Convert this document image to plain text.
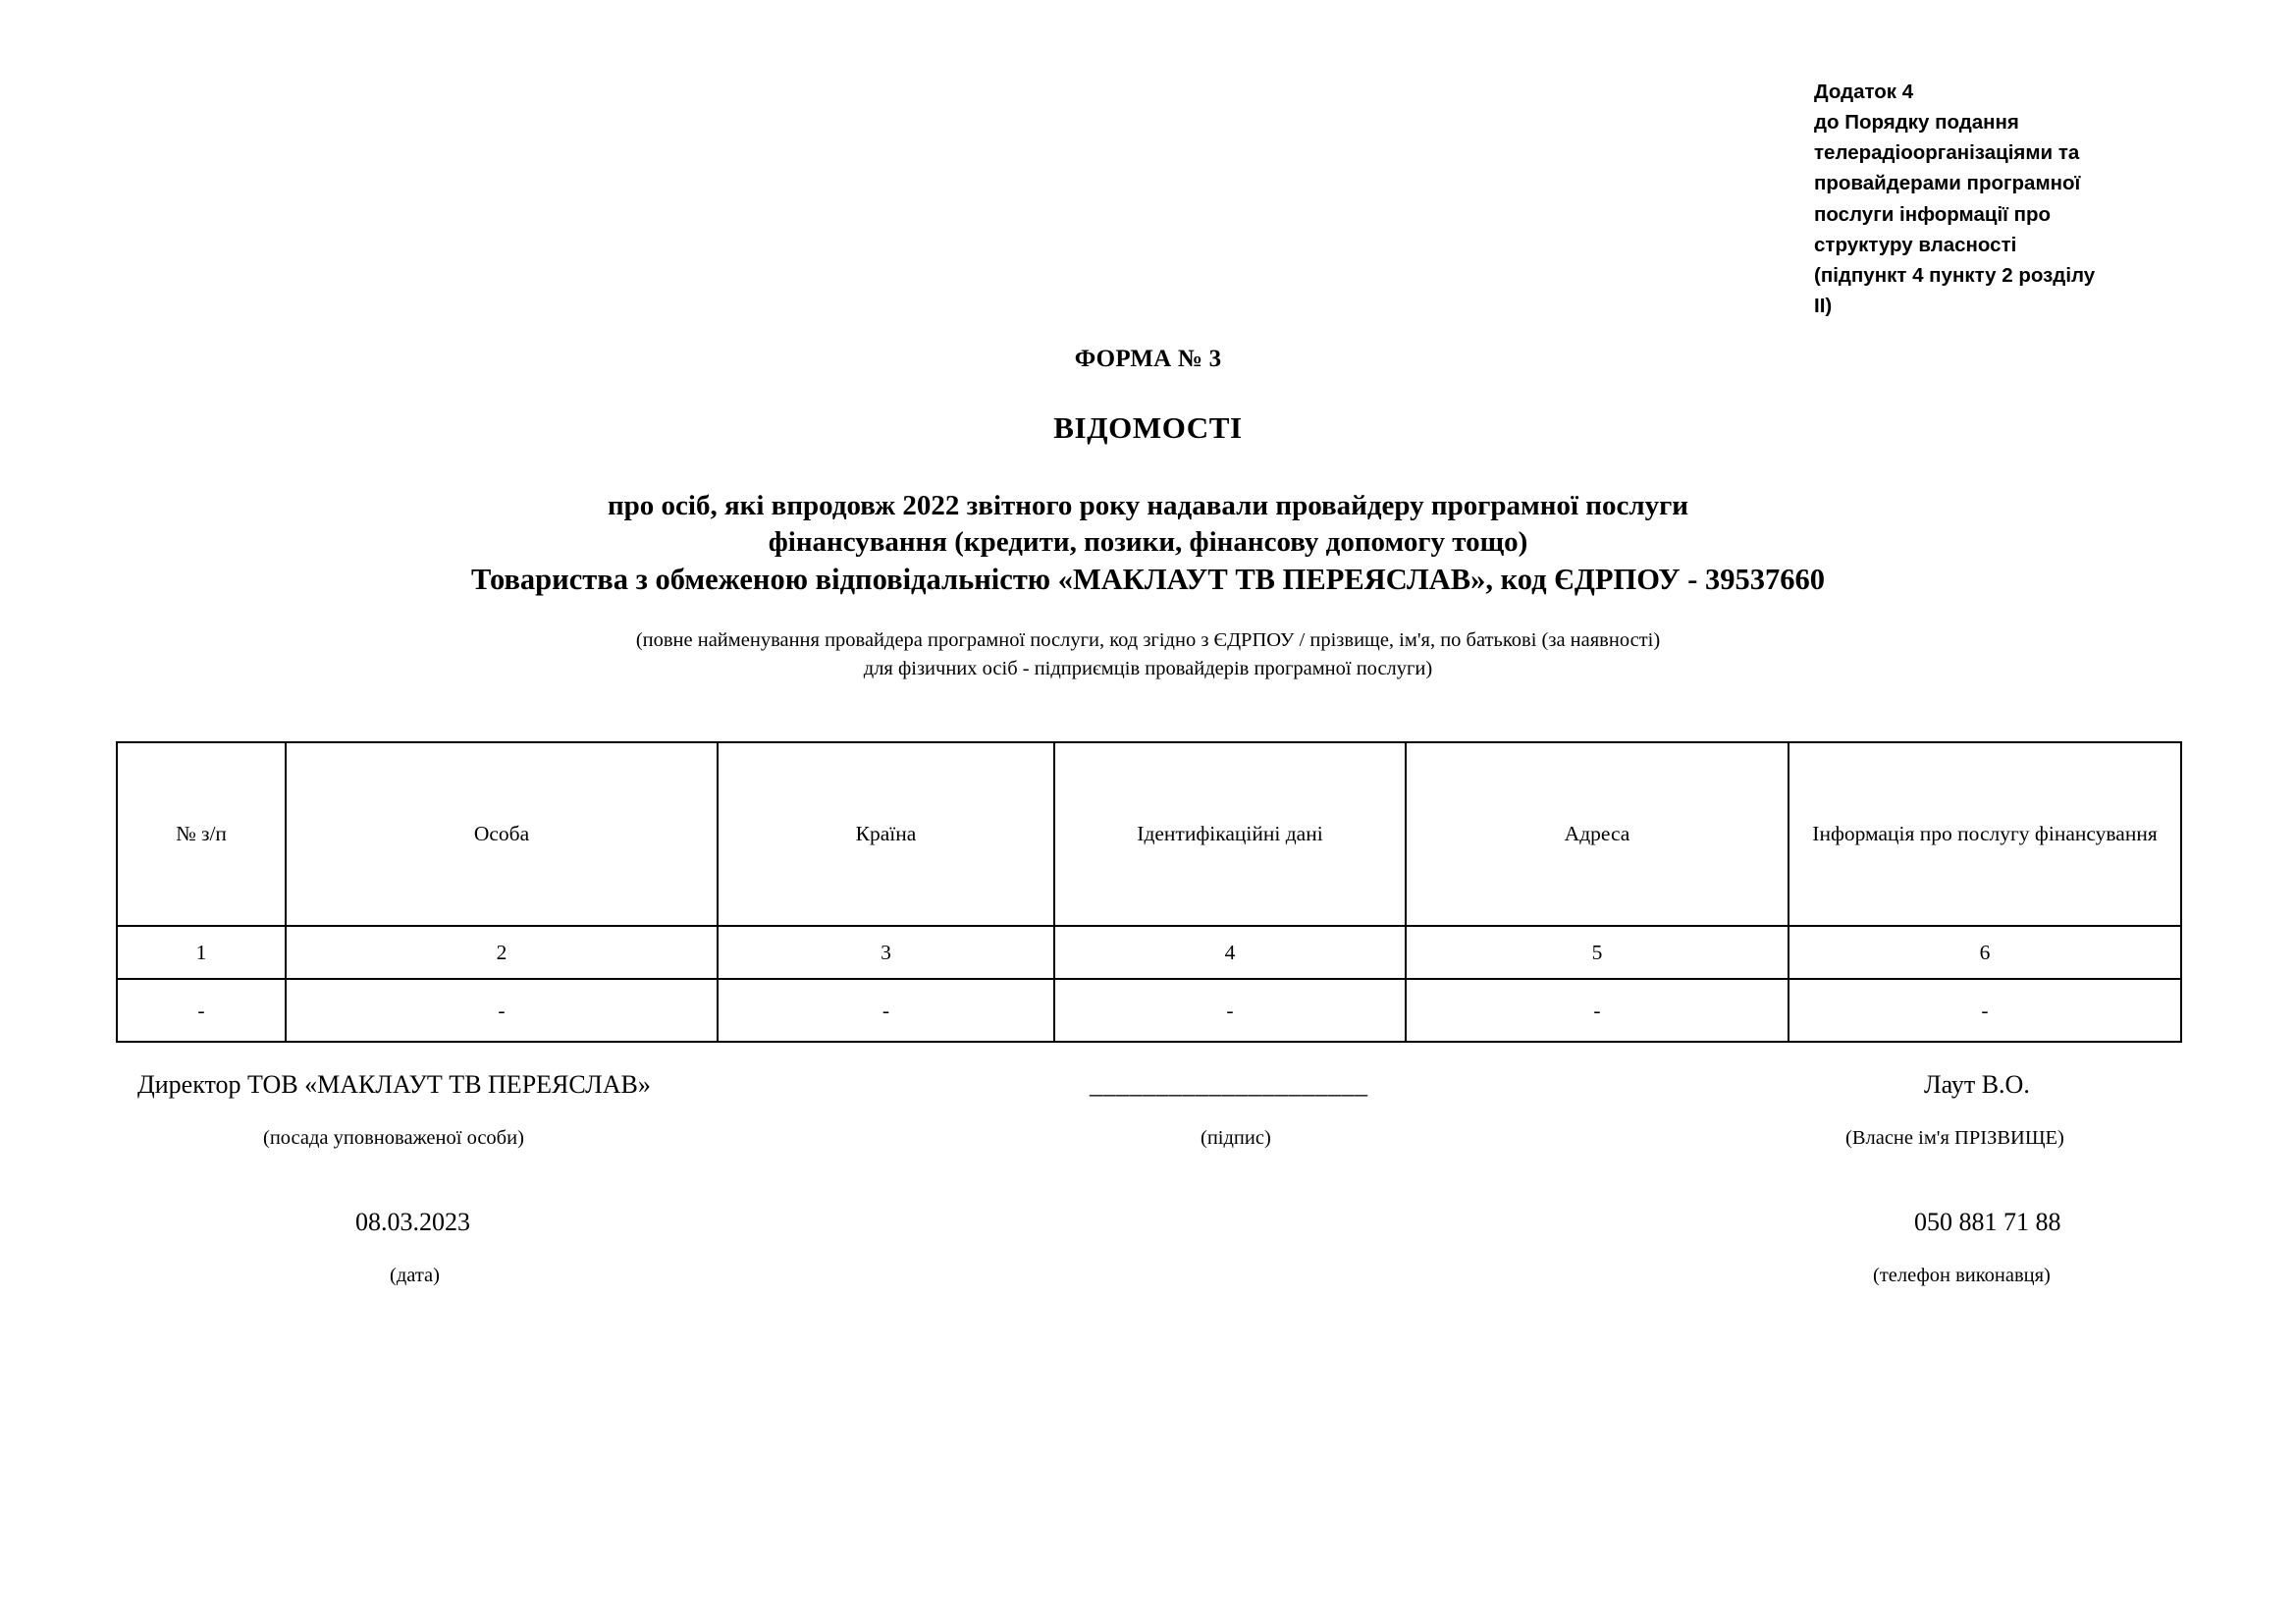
Додаток 4
до Порядку подання
телерадіоорганізаціями та
провайдерами програмної
послуги інформації про
структуру власності
(підпункт 4 пункту 2 розділу
II)
ФОРМА № 3
ВІДОМОСТІ
про осіб, які впродовж 2022 звітного року надавали провайдеру програмної послуги
фінансування (кредити, позики, фінансову допомогу тощо)
Товариства з обмеженою відповідальністю «МАКЛАУТ ТВ ПЕРЕЯСЛАВ», код ЄДРПОУ - 39537660
(повне найменування провайдера програмної послуги, код згідно з ЄДРПОУ / прізвище, ім'я, по батькові (за наявності)
для фізичних осіб - підприємців провайдерів програмної послуги)
№ з/п	Особа	Країна	Ідентифікаційні дані	Адреса	Інформація про послугу фінансування
1	2	3	4	5	6
-	-	-	-	-	-
Директор ТОВ «МАКЛАУТ ТВ ПЕРЕЯСЛАВ»
(посада уповноваженої особи)
_____________________
(підпис)
Лаут В.О.
(Власне ім'я ПРІЗВИЩЕ)
08.03.2023
(дата)
050 881 71 88
(телефон виконавця)
